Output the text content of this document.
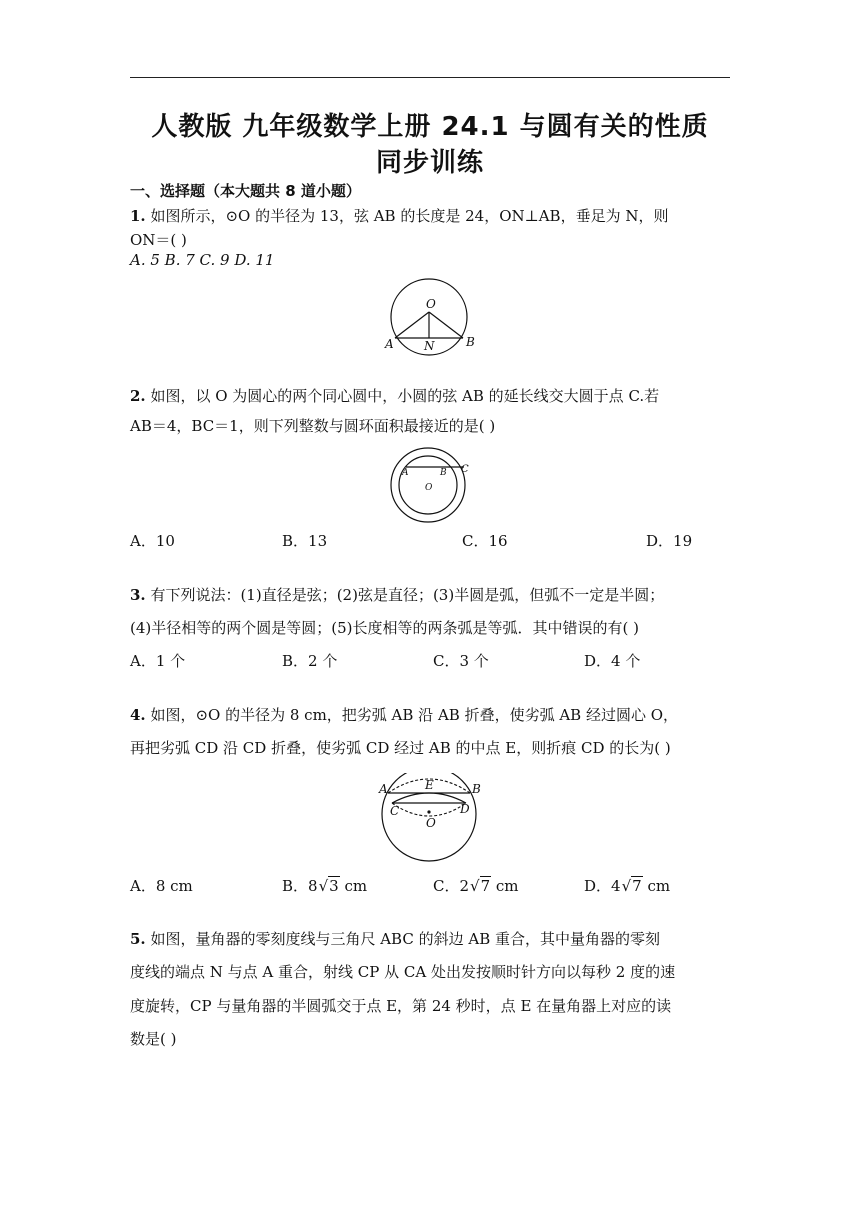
人教版 九年级数学上册 24.1 与圆有关的性质
同步训练
一、选择题（本大题共 8 道小题）
1. 如图所示，⊙O 的半径为 13，弦 AB 的长度是 24，ON⊥AB，垂足为 N，则
ON＝( )
A. 5 B. 7 C. 9 D. 11
O
A	N	B
2. 如图，以 O 为圆心的两个同心圆中，小圆的弦 AB 的延长线交大圆于点 C.若
AB＝4，BC＝1，则下列整数与圆环面积最接近的是( )
A	B C
O
A．10	B．13	C．16	D．19
3. 有下列说法：(1)直径是弦；(2)弦是直径；(3)半圆是弧，但弧不一定是半圆；
(4)半径相等的两个圆是等圆；(5)长度相等的两条弧是等弧．其中错误的有( )
A．1 个	B．2 个	C．3 个	D．4 个
4. 如图，⊙O 的半径为 8 cm，把劣弧 AB 沿 AB 折叠，使劣弧 AB 经过圆心 O，
再把劣弧 CD 沿 CD 折叠，使劣弧 CD 经过 AB 的中点 E，则折痕 CD 的长为( )
A	E	B
C	D
O
A．8 cm	B．8√3 cm	C．2√7 cm	D．4√7 cm
5. 如图，量角器的零刻度线与三角尺 ABC 的斜边 AB 重合，其中量角器的零刻
度线的端点 N 与点 A 重合，射线 CP 从 CA 处出发按顺时针方向以每秒 2 度的速
度旋转，CP 与量角器的半圆弧交于点 E，第 24 秒时，点 E 在量角器上对应的读
数是( )
